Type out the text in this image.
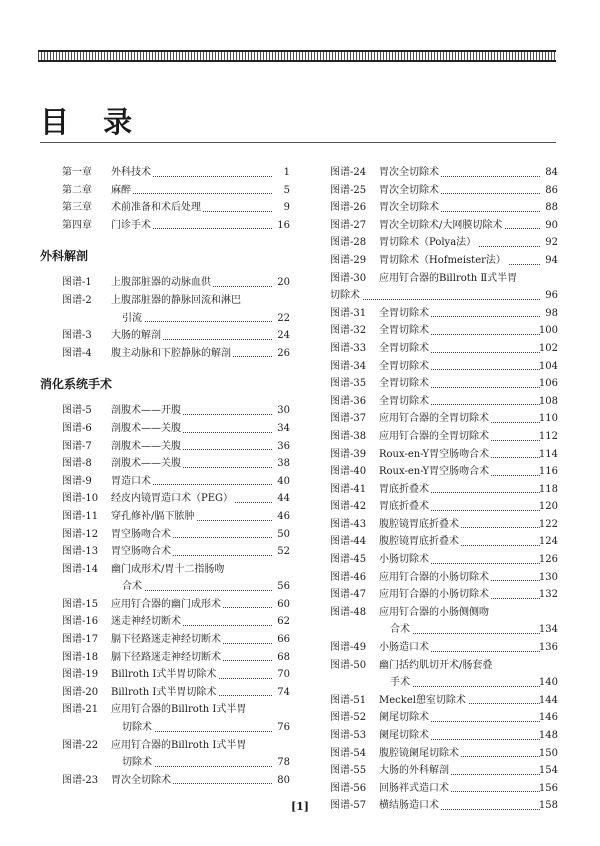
目 录
第一章 外科技术	1
第二章 麻醉	5
第三章 术前准备和术后处理	9
第四章 门诊手术	16
外科解剖
图谱-1 上腹部脏器的动脉血供	20
图谱-2 上腹部脏器的静脉回流和淋巴
引流	22
图谱-3 大肠的解剖	24
图谱-4 腹主动脉和下腔静脉的解剖	26
消化系统手术
图谱-5 剖腹术——开腹	30
图谱-6 剖腹术——关腹	34
图谱-7 剖腹术——关腹	36
图谱-8 剖腹术——关腹	38
图谱-9 胃造口术	40
图谱-10 经皮内镜胃造口术（PEG）	44
图谱-11 穿孔修补/膈下脓肿	46
图谱-12 胃空肠吻合术	50
图谱-13 胃空肠吻合术	52
图谱-14 幽门成形术/胃十二指肠吻
合术	56
图谱-15 应用钉合器的幽门成形术	60
图谱-16 迷走神经切断术	62
图谱-17 膈下径路迷走神经切断术	66
图谱-18 膈下径路迷走神经切断术	68
图谱-19 Billroth Ⅰ式半胃切除术	70
图谱-20 Billroth Ⅰ式半胃切除术	74
图谱-21 应用钉合器的Billroth Ⅰ式半胃
切除术	76
图谱-22 应用钉合器的Billroth Ⅰ式半胃
切除术	78
图谱-23 胃次全切除术	80
图谱-24 胃次全切除术	84
图谱-25 胃次全切除术	86
图谱-26 胃次全切除术	88
图谱-27 胃次全切除术/大网膜切除术	90
图谱-28 胃切除术（Polya法）	92
图谱-29 胃切除术（Hofmeister法）	94
图谱-30 应用钉合器的Billroth Ⅱ式半胃
切除术	96
图谱-31 全胃切除术	98
图谱-32 全胃切除术	100
图谱-33 全胃切除术	102
图谱-34 全胃切除术	104
图谱-35 全胃切除术	106
图谱-36 全胃切除术	108
图谱-37 应用钉合器的全胃切除术	110
图谱-38 应用钉合器的全胃切除术	112
图谱-39 Roux-en-Y胃空肠吻合术	114
图谱-40 Roux-en-Y胃空肠吻合术	116
图谱-41 胃底折叠术	118
图谱-42 胃底折叠术	120
图谱-43 腹腔镜胃底折叠术	122
图谱-44 腹腔镜胃底折叠术	124
图谱-45 小肠切除术	126
图谱-46 应用钉合器的小肠切除术	130
图谱-47 应用钉合器的小肠切除术	132
图谱-48 应用钉合器的小肠侧侧吻
合术	134
图谱-49 小肠造口术	136
图谱-50 幽门括约肌切开术/肠套叠
手术	140
图谱-51 Meckel憩室切除术	144
图谱-52 阑尾切除术	146
图谱-53 阑尾切除术	148
图谱-54 腹腔镜阑尾切除术	150
图谱-55 大肠的外科解剖	154
图谱-56 回肠袢式造口术	156
图谱-57 横结肠造口术	158
[1]
